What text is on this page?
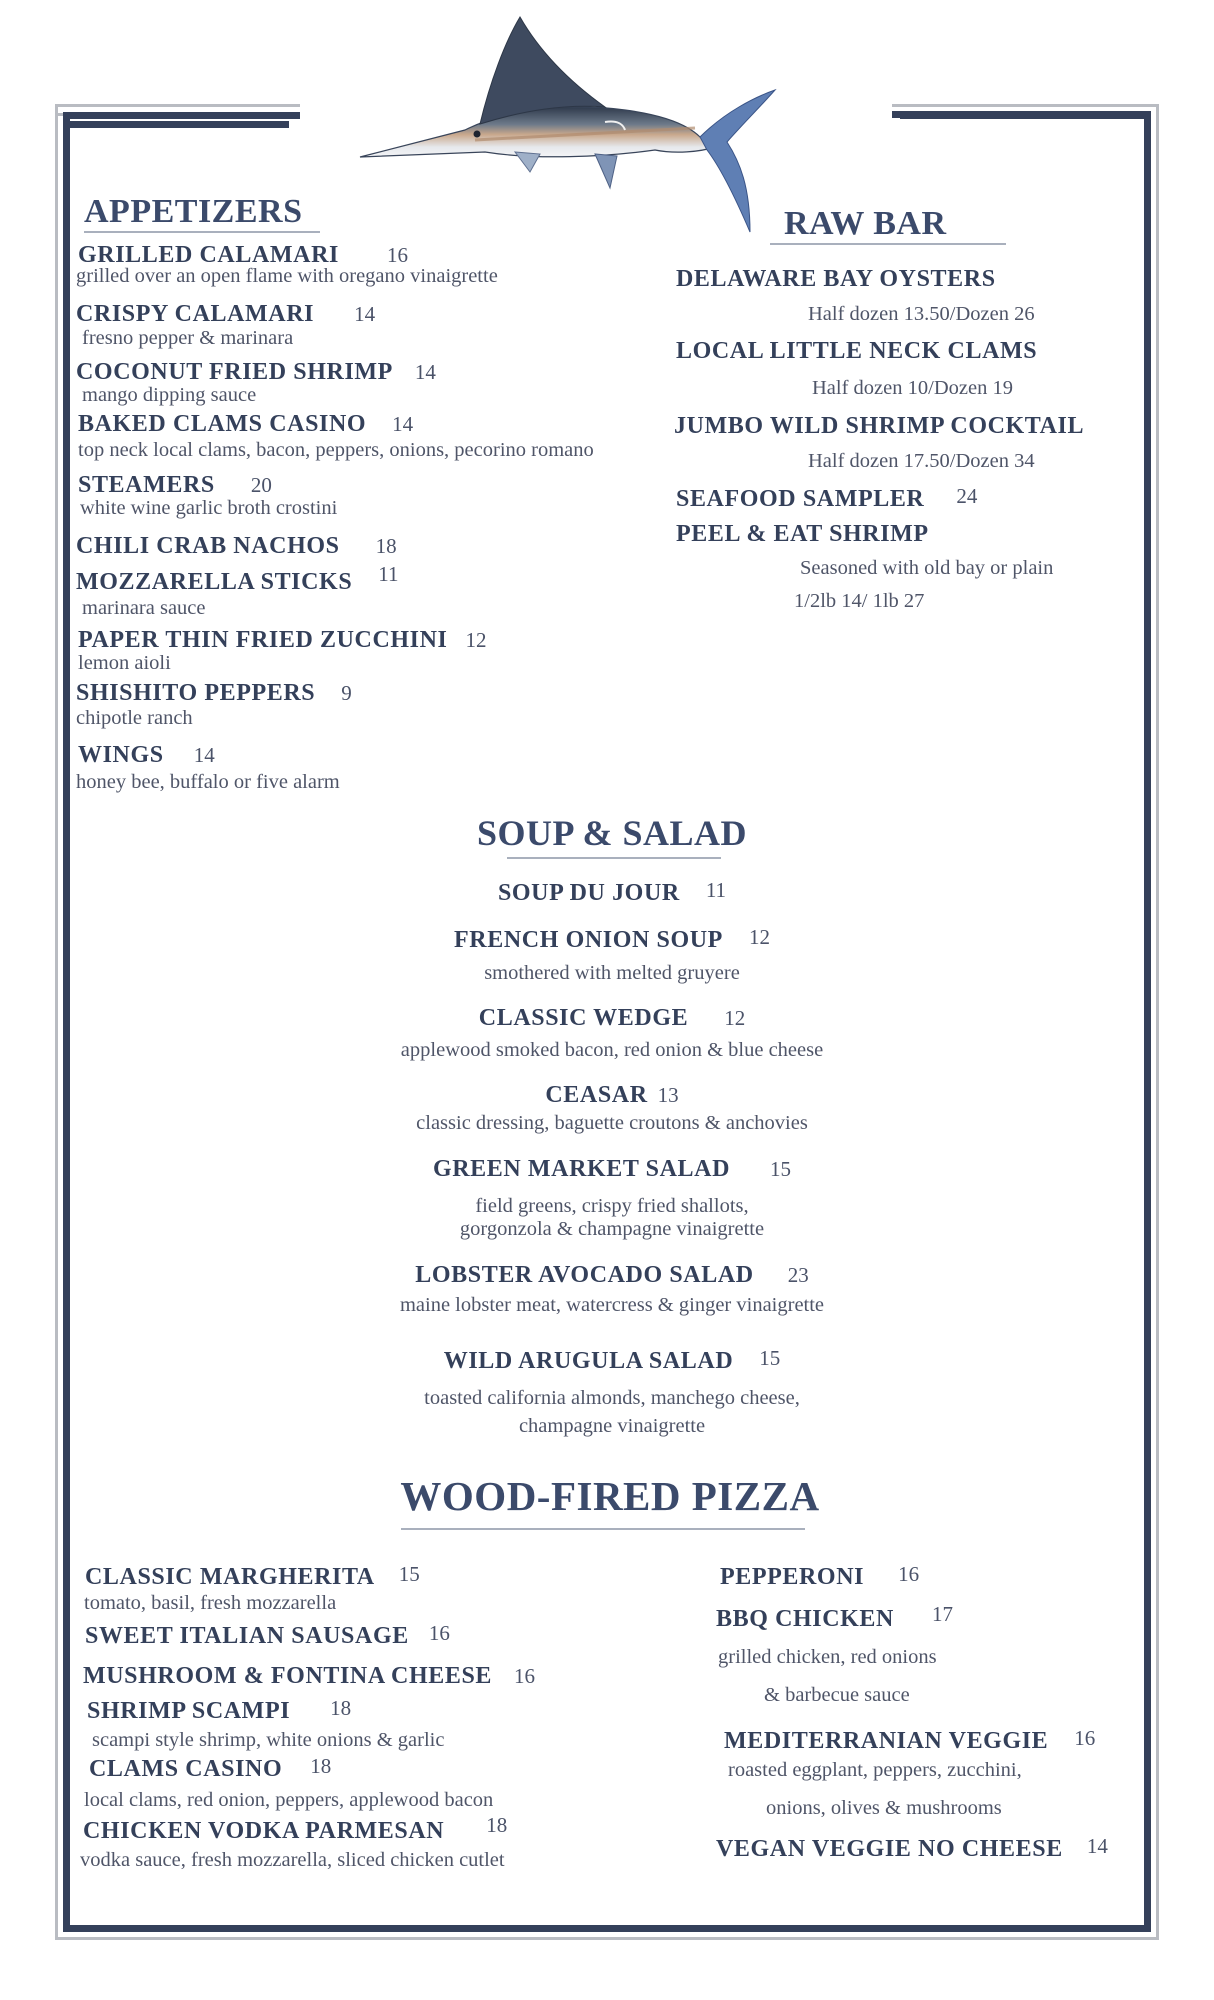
APPETIZERS
GRILLED CALAMARI 16
grilled over an open flame with oregano vinaigrette
CRISPY CALAMARI 14
fresno pepper & marinara
COCONUT FRIED SHRIMP 14
mango dipping sauce
BAKED CLAMS CASINO 14
top neck local clams, bacon, peppers, onions, pecorino romano
STEAMERS 20
white wine garlic broth crostini
CHILI CRAB NACHOS 18
MOZZARELLA STICKS 11
marinara sauce
PAPER THIN FRIED ZUCCHINI 12
lemon aioli
SHISHITO PEPPERS 9
chipotle ranch
WINGS 14
honey bee, buffalo or five alarm
RAW BAR
DELAWARE BAY OYSTERS
Half dozen 13.50/Dozen 26
LOCAL LITTLE NECK CLAMS
Half dozen 10/Dozen 19
JUMBO WILD SHRIMP COCKTAIL
Half dozen 17.50/Dozen 34
SEAFOOD SAMPLER 24
PEEL & EAT SHRIMP
Seasoned with old bay or plain
1/2lb 14/ 1lb 27
SOUP & SALAD
SOUP DU JOUR 11
FRENCH ONION SOUP 12
smothered with melted gruyere
CLASSIC WEDGE 12
applewood smoked bacon, red onion & blue cheese
CEASAR 13
classic dressing, baguette croutons & anchovies
GREEN MARKET SALAD 15
field greens, crispy fried shallots,
gorgonzola & champagne vinaigrette
LOBSTER AVOCADO SALAD 23
maine lobster meat, watercress & ginger vinaigrette
WILD ARUGULA SALAD 15
toasted california almonds, manchego cheese,
champagne vinaigrette
WOOD-FIRED PIZZA
CLASSIC MARGHERITA 15
tomato, basil, fresh mozzarella
SWEET ITALIAN SAUSAGE 16
MUSHROOM & FONTINA CHEESE 16
SHRIMP SCAMPI 18
scampi style shrimp, white onions & garlic
CLAMS CASINO 18
local clams, red onion, peppers, applewood bacon
CHICKEN VODKA PARMESAN 18
vodka sauce, fresh mozzarella, sliced chicken cutlet
PEPPERONI 16
BBQ CHICKEN 17
grilled chicken, red onions
& barbecue sauce
MEDITERRANIAN VEGGIE 16
roasted eggplant, peppers, zucchini,
onions, olives & mushrooms
VEGAN VEGGIE NO CHEESE 14
